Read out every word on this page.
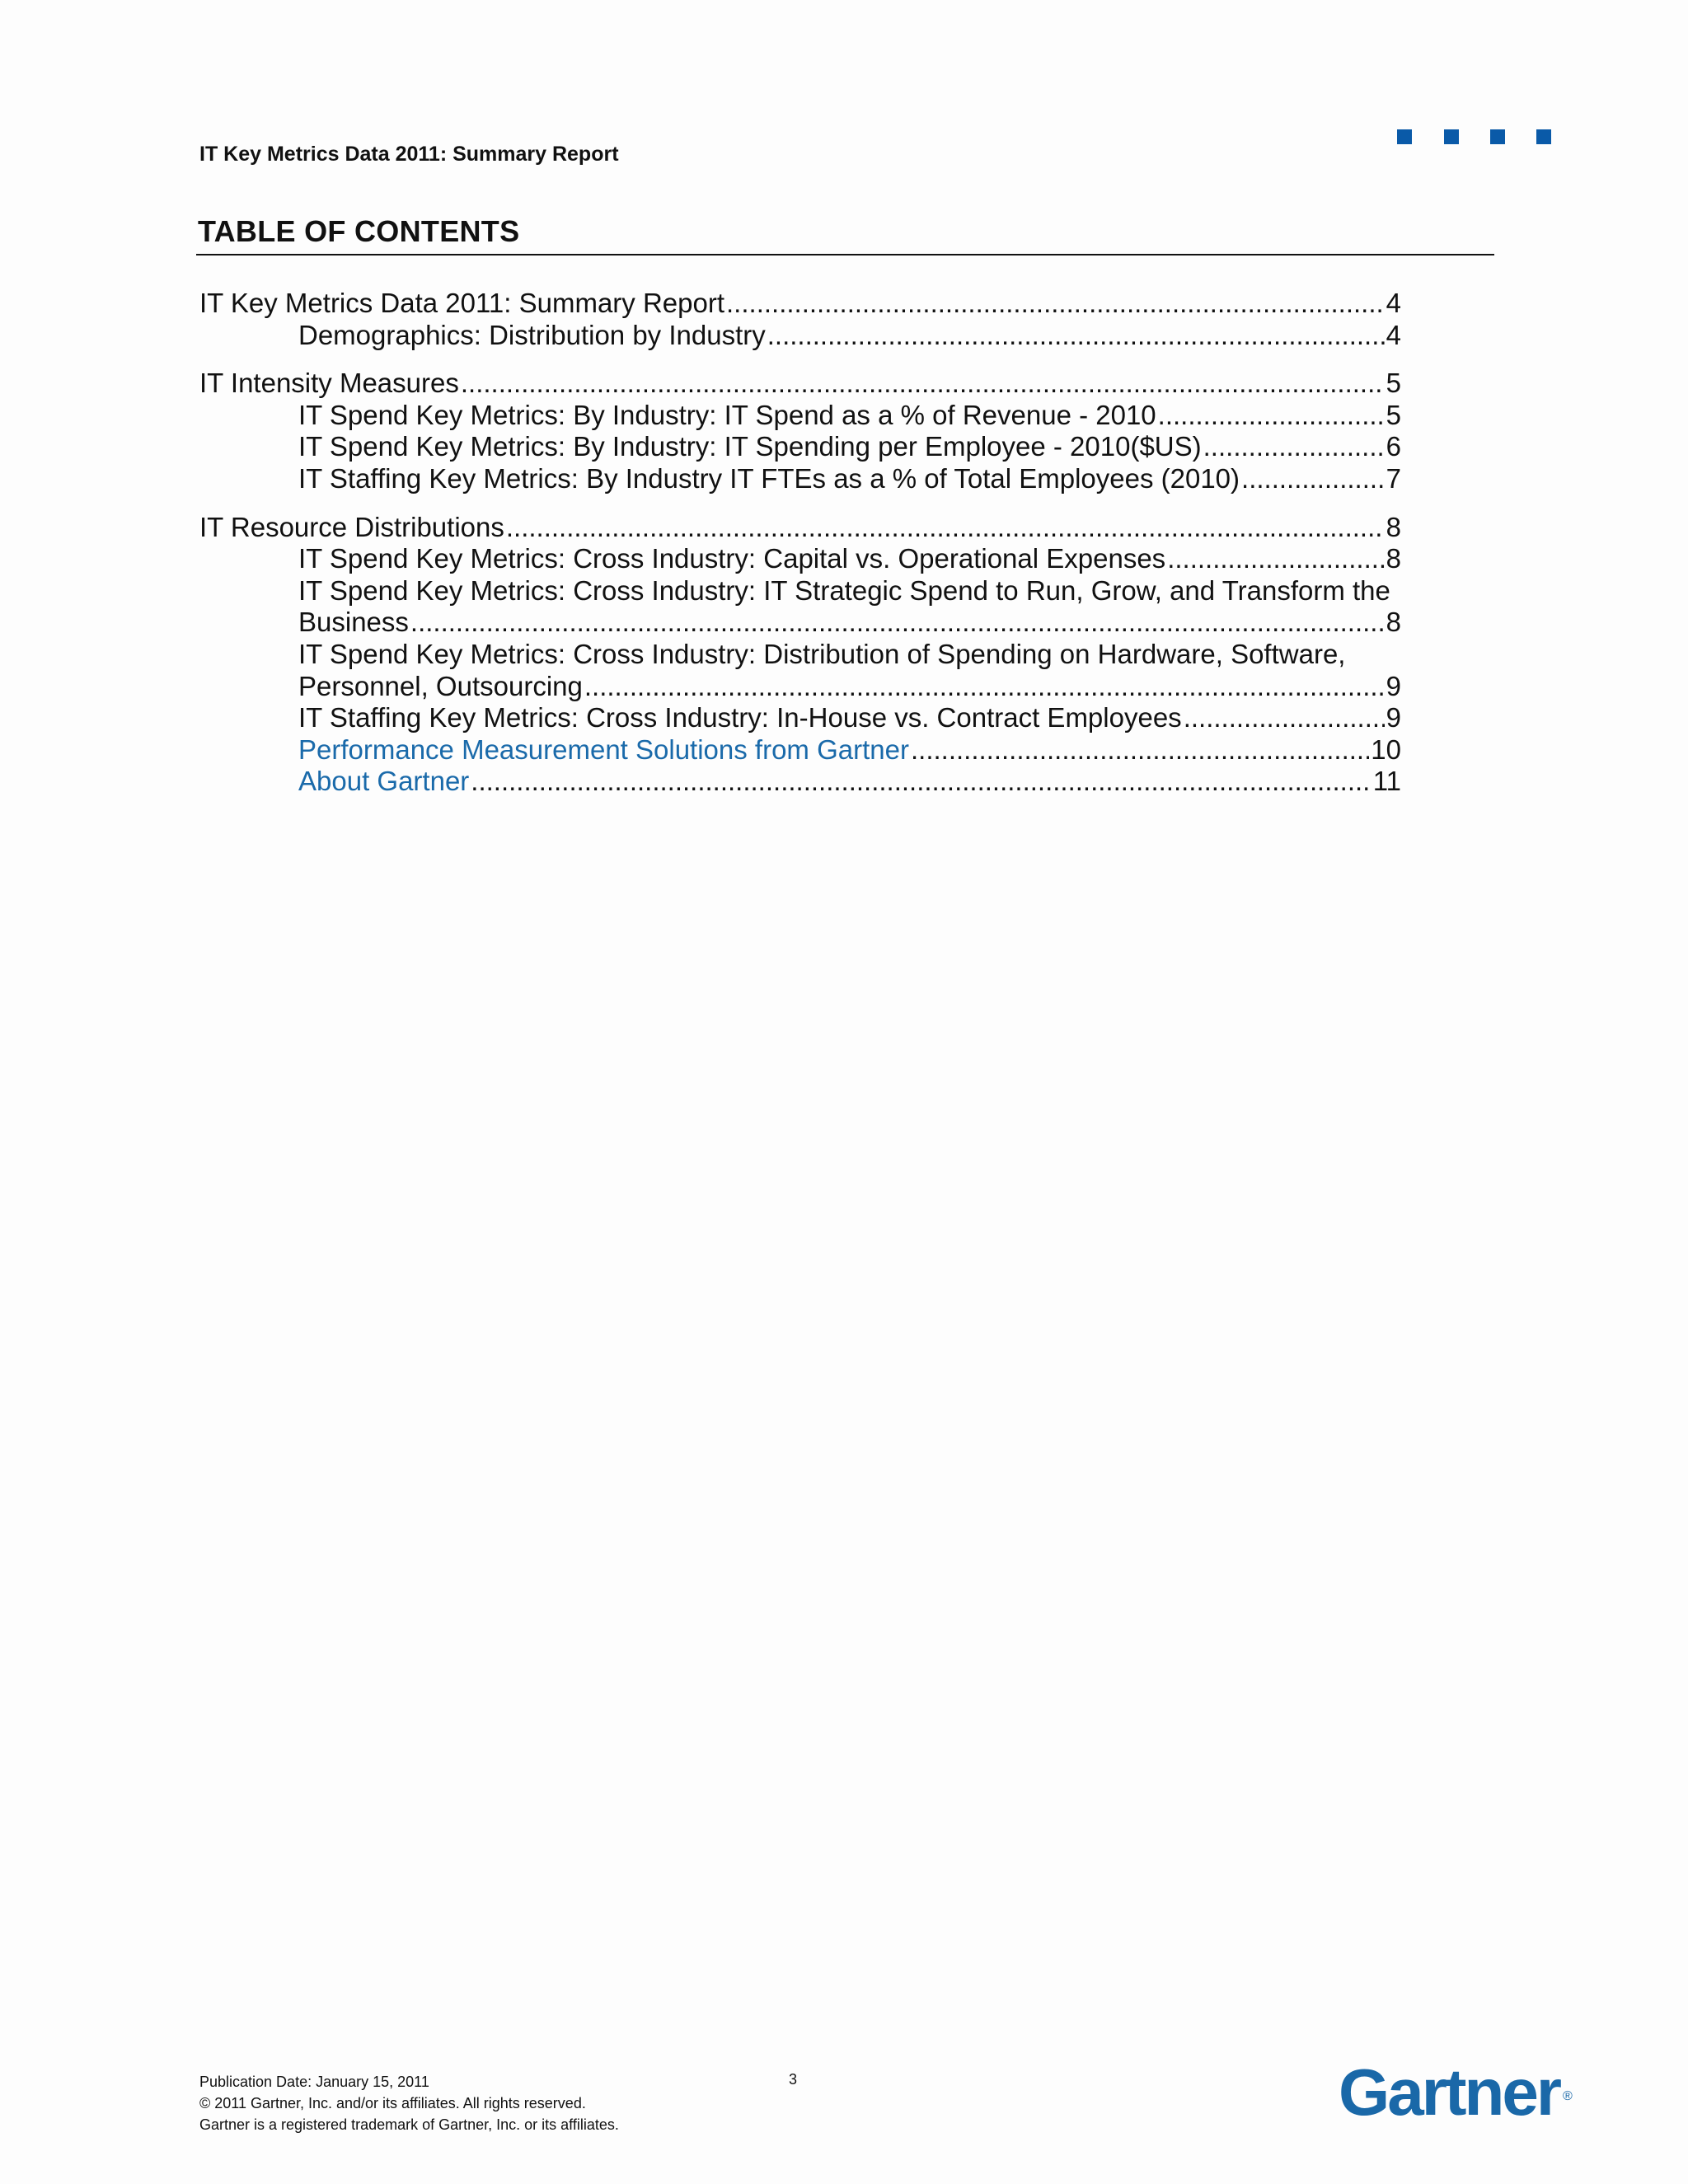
IT Key Metrics Data 2011: Summary Report
TABLE OF CONTENTS
IT Key Metrics Data 2011: Summary Report .....	4
Demographics: Distribution by Industry .....	4
IT Intensity Measures .....	5
IT Spend Key Metrics: By Industry: IT Spend as a % of Revenue - 2010 .....	5
IT Spend Key Metrics: By Industry: IT Spending per Employee - 2010($US) .....	6
IT Staffing Key Metrics: By Industry IT FTEs as a % of Total Employees (2010) .....	7
IT Resource Distributions .....	8
IT Spend Key Metrics: Cross Industry: Capital vs. Operational Expenses .....	8
IT Spend Key Metrics: Cross Industry: IT Strategic Spend to Run, Grow, and Transform the
Business .....	8
IT Spend Key Metrics: Cross Industry: Distribution of Spending on Hardware, Software,
Personnel, Outsourcing .....	9
IT Staffing Key Metrics: Cross Industry: In-House vs. Contract Employees .....	9
Performance Measurement Solutions from Gartner .....	10
About Gartner .....	11
Publication Date: January 15, 2011
© 2011 Gartner, Inc. and/or its affiliates. All rights reserved.
Gartner is a registered trademark of Gartner, Inc. or its affiliates.
3	Gartner ®
